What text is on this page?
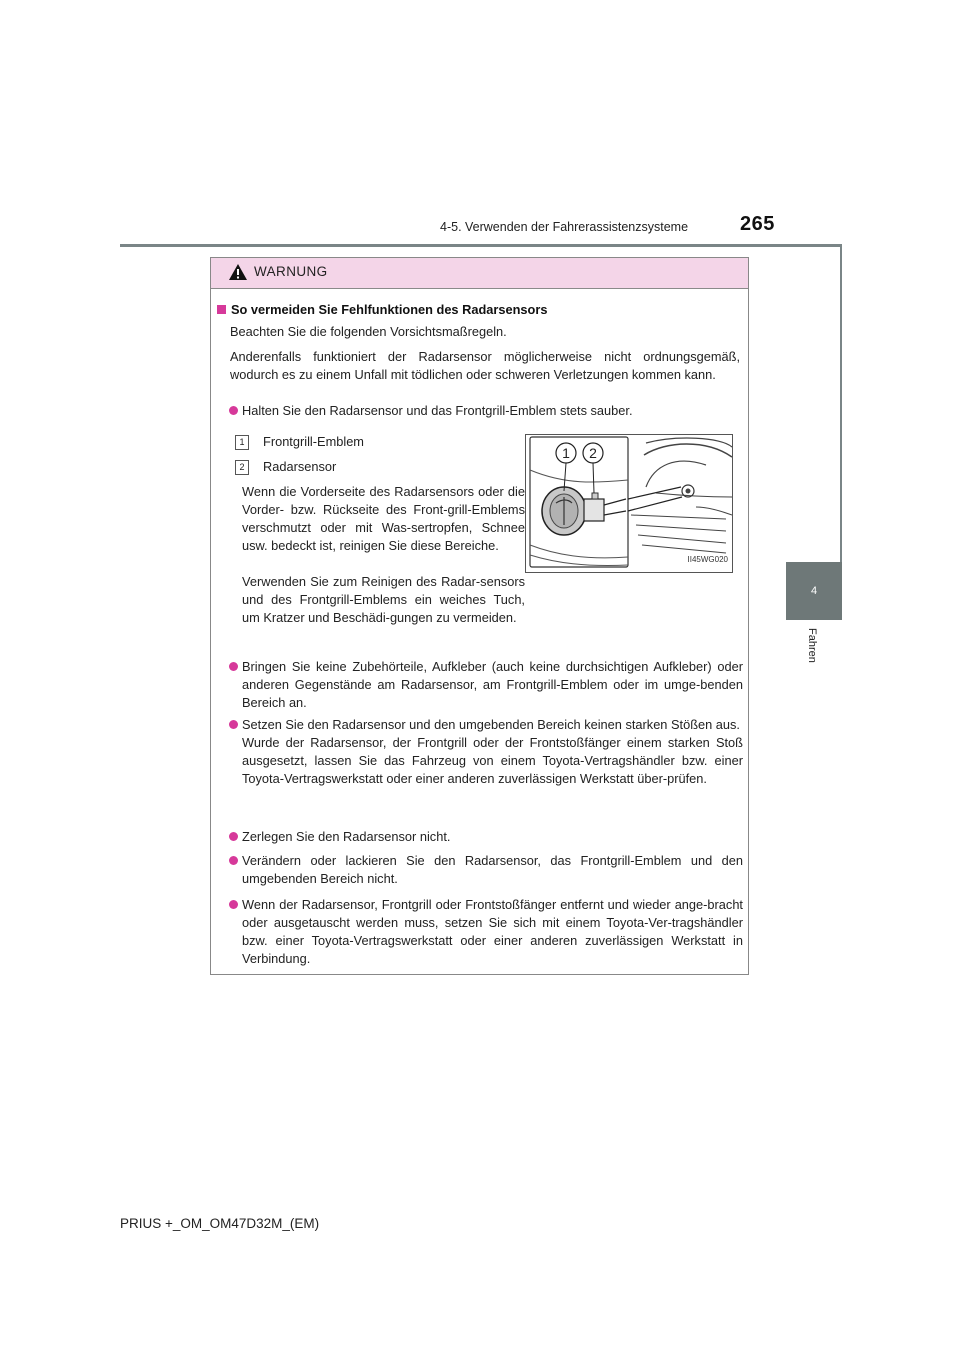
4-5. Verwenden der Fahrerassistenzsysteme	265
4
Fahren
WARNUNG
So vermeiden Sie Fehlfunktionen des Radarsensors
Beachten Sie die folgenden Vorsichtsmaßregeln.
Anderenfalls funktioniert der Radarsensor möglicherweise nicht ordnungsgemäß, wodurch es zu einem Unfall mit tödlichen oder schweren Verletzungen kommen kann.
Halten Sie den Radarsensor und das Frontgrill-Emblem stets sauber.
1 Frontgrill-Emblem
2 Radarsensor
Wenn die Vorderseite des Radarsensors oder die Vorder- bzw. Rückseite des Front-grill-Emblems verschmutzt oder mit Was-sertropfen, Schnee usw. bedeckt ist, reinigen Sie diese Bereiche.
Verwenden Sie zum Reinigen des Radar-sensors und des Frontgrill-Emblems ein weiches Tuch, um Kratzer und Beschädi-gungen zu vermeiden.
1 2
II45WG020
Bringen Sie keine Zubehörteile, Aufkleber (auch keine durchsichtigen Aufkleber) oder anderen Gegenstände am Radarsensor, am Frontgrill-Emblem oder im umge-benden Bereich an.
Setzen Sie den Radarsensor und den umgebenden Bereich keinen starken Stößen aus.
Wurde der Radarsensor, der Frontgrill oder der Frontstoßfänger einem starken Stoß ausgesetzt, lassen Sie das Fahrzeug von einem Toyota-Vertragshändler bzw. einer Toyota-Vertragswerkstatt oder einer anderen zuverlässigen Werkstatt über-prüfen.
Zerlegen Sie den Radarsensor nicht.
Verändern oder lackieren Sie den Radarsensor, das Frontgrill-Emblem und den umgebenden Bereich nicht.
Wenn der Radarsensor, Frontgrill oder Frontstoßfänger entfernt und wieder ange-bracht oder ausgetauscht werden muss, setzen Sie sich mit einem Toyota-Ver-tragshändler bzw. einer Toyota-Vertragswerkstatt oder einer anderen zuverlässigen Werkstatt in Verbindung.
PRIUS +_OM_OM47D32M_(EM)
